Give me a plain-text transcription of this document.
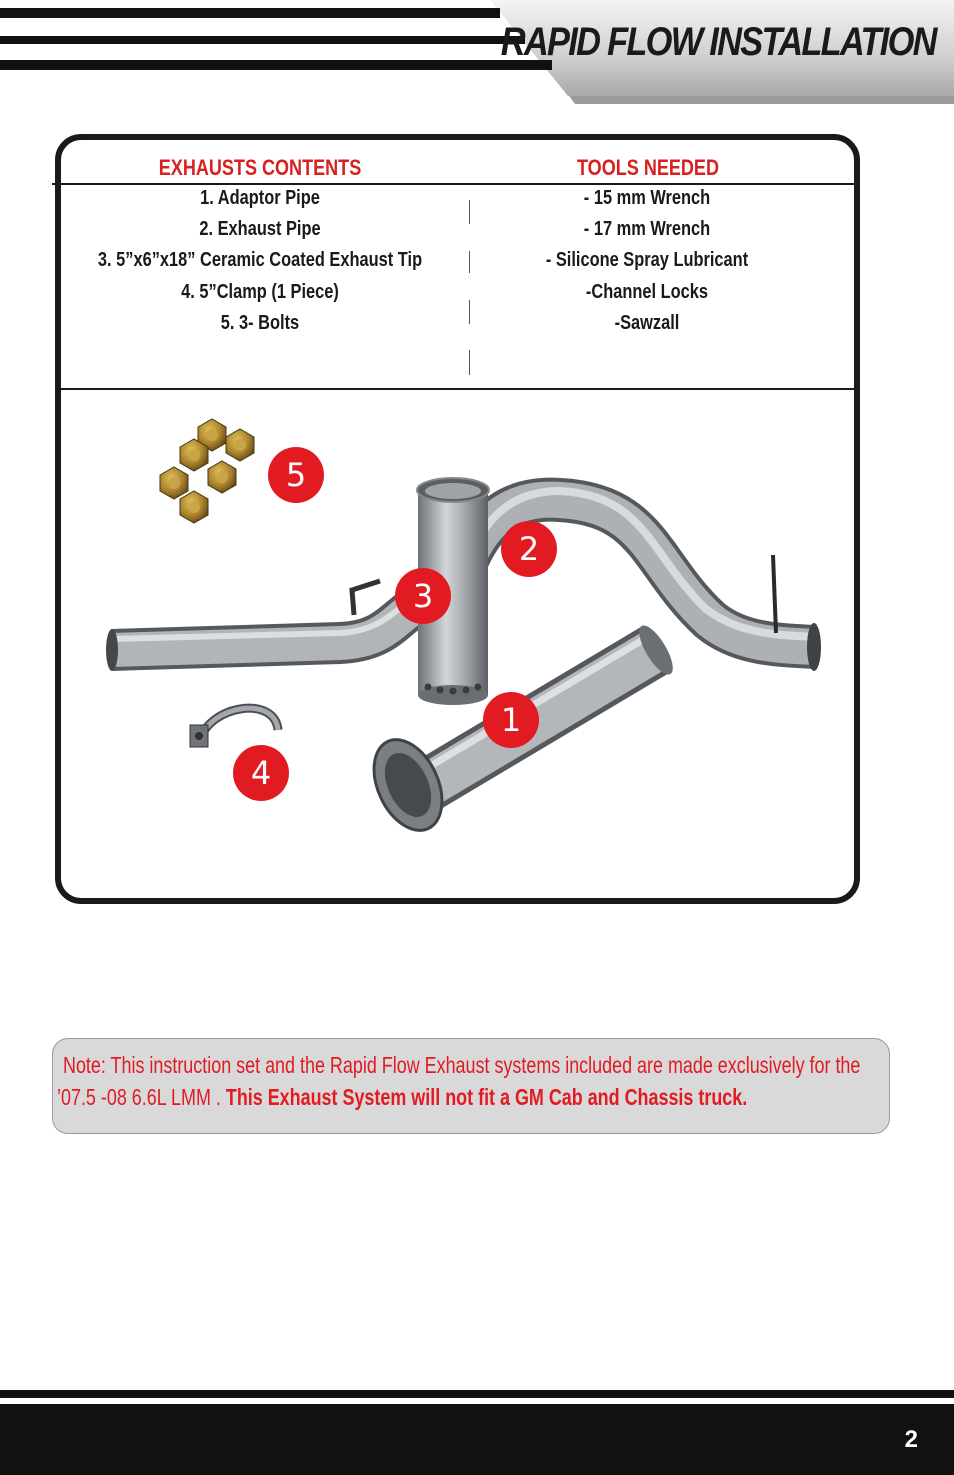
RAPID FLOW INSTALLATION
EXHAUSTS CONTENTS	TOOLS NEEDED
1. Adaptor Pipe
2. Exhaust Pipe
3. 5”x6”x18” Ceramic Coated Exhaust Tip
4. 5”Clamp (1 Piece)
5. 3- Bolts
- 15 mm Wrench
- 17 mm Wrench
- Silicone Spray Lubricant
-Channel Locks
-Sawzall
5
2
3
1
4
Note: This instruction set and the Rapid Flow Exhaust systems included are made exclusively for the
’07.5 -08 6.6L LMM . This Exhaust System will not ﬁt a GM Cab and Chassis truck.
2
